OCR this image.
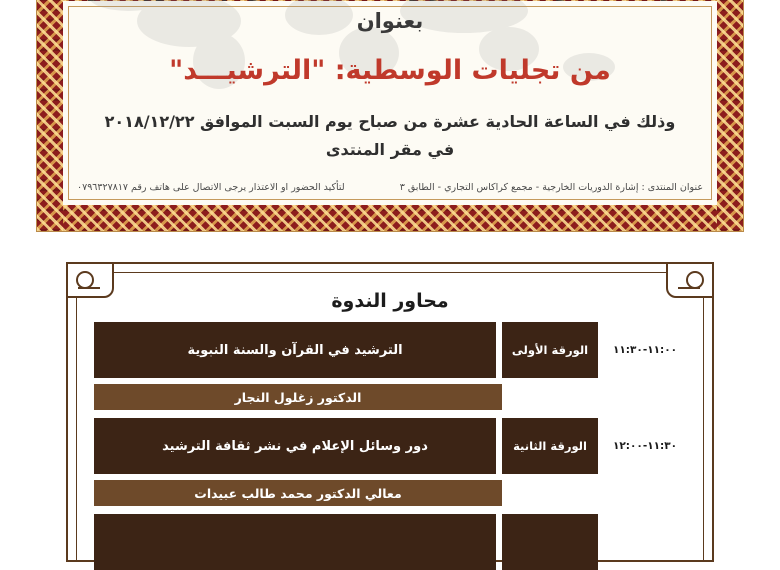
بعنوان
من تجليات الوسطية: "الترشيـــد"
وذلك في الساعة الحادية عشرة من صباح يوم السبت الموافق ٢٠١٨/١٢/٢٢
في مقر المنتدى
عنوان المنتدى : إشارة الدوريات الخارجية - مجمع كراكاس التجاري - الطابق ٣
لتأكيد الحضور او الاعتذار يرجى الاتصال على هاتف رقم ٠٧٩٦٣٢٧٨١٧
محاور الندوة
١١:٠٠-١١:٣٠
الورقة الأولى
الترشيد في القرآن والسنة النبوية
الدكتور زغلول النجار
١١:٣٠-١٢:٠٠
الورقة الثانية
دور وسائل الإعلام في نشر ثقافة الترشيد
معالي الدكتور محمد طالب عبيدات
